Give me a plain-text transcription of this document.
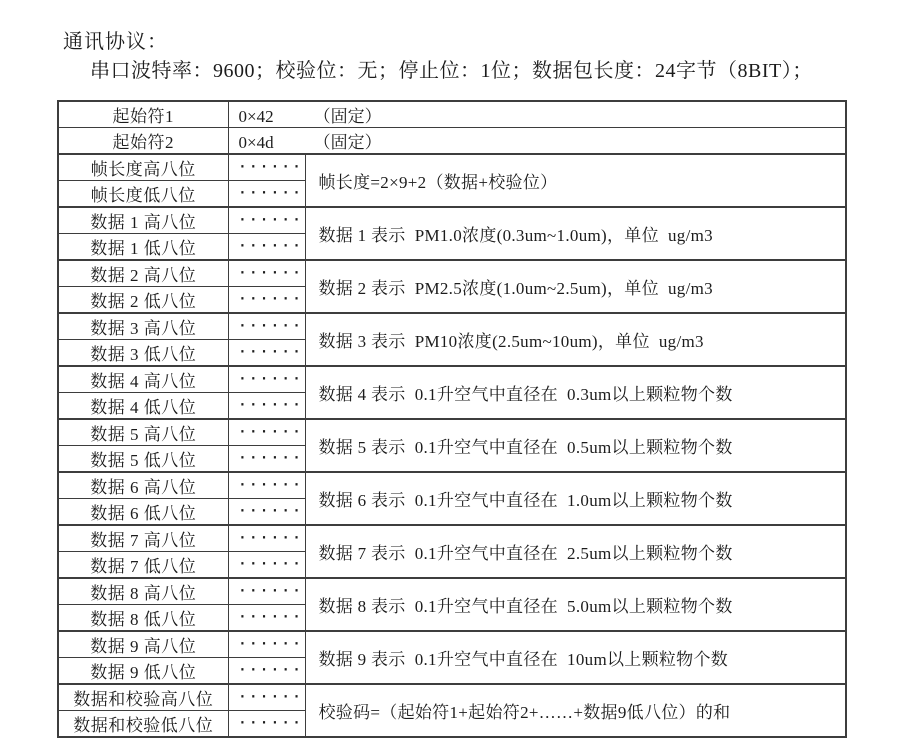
通讯协议：
串口波特率：9600；校验位：无；停止位：1位；数据包长度：24字节（8BIT）；
起始符1	0×42 （固定）	
起始符2	0×4d （固定）	
帧长度高八位	······	帧长度=2×9+2（数据+校验位）
帧长度低八位	······	
数据 1 高八位	······	数据 1 表示  PM1.0浓度(0.3um~1.0um)，单位  ug/m3
数据 1 低八位	······	
数据 2 高八位	······	数据 2 表示  PM2.5浓度(1.0um~2.5um)，单位  ug/m3
数据 2 低八位	······	
数据 3 高八位	······	数据 3 表示  PM10浓度(2.5um~10um)，单位  ug/m3
数据 3 低八位	······	
数据 4 高八位	······	数据 4 表示  0.1升空气中直径在  0.3um以上颗粒物个数
数据 4 低八位	······	
数据 5 高八位	······	数据 5 表示  0.1升空气中直径在  0.5um以上颗粒物个数
数据 5 低八位	······	
数据 6 高八位	······	数据 6 表示  0.1升空气中直径在  1.0um以上颗粒物个数
数据 6 低八位	······	
数据 7 高八位	······	数据 7 表示  0.1升空气中直径在  2.5um以上颗粒物个数
数据 7 低八位	······	
数据 8 高八位	······	数据 8 表示  0.1升空气中直径在  5.0um以上颗粒物个数
数据 8 低八位	······	
数据 9 高八位	······	数据 9 表示  0.1升空气中直径在  10um以上颗粒物个数
数据 9 低八位	······	
数据和校验高八位	······	校验码=（起始符1+起始符2+……+数据9低八位）的和
数据和校验低八位	······	
